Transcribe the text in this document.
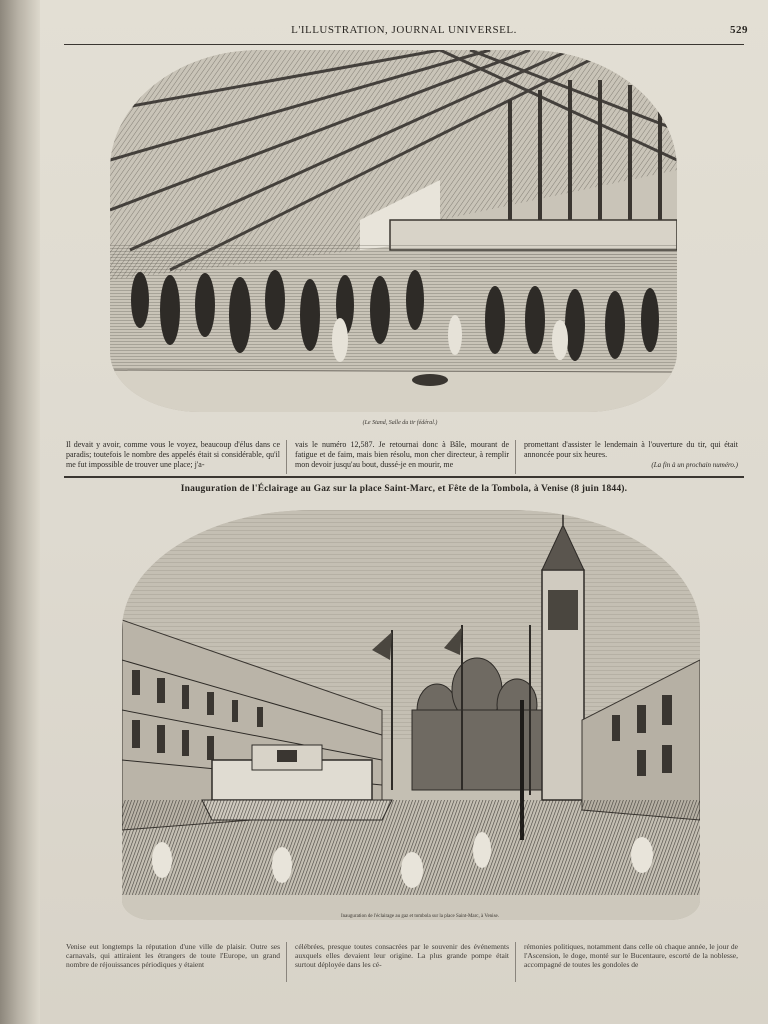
L'ILLUSTRATION, JOURNAL UNIVERSEL.	529
(Le Stand, Salle du tir fédéral.)
Il devait y avoir, comme vous le voyez, beaucoup d'élus dans ce paradis; toutefois le nombre des appelés était si considérable, qu'il me fut impossible de trouver une place; j'a-
vais le numéro 12,587. Je retournai donc à Bâle, mourant de fatigue et de faim, mais bien résolu, mon cher directeur, à remplir mon devoir jusqu'au bout, dussé-je en mourir, me
promettant d'assister le lendemain à l'ouverture du tir, qui était annoncée pour six heures.
(La fin à un prochain numéro.)
Inauguration de l'Éclairage au Gaz sur la place Saint-Marc, et Fête de la Tombola, à Venise (8 juin 1844).
Inauguration de l'éclairage au gaz et tombola sur la place Saint-Marc, à Venise.
Venise eut longtemps la réputation d'une ville de plaisir. Outre ses carnavals, qui attiraient les étrangers de toute l'Europe, un grand nombre de réjouissances périodiques y étaient
célébrées, presque toutes consacrées par le souvenir des événements auxquels elles devaient leur origine. La plus grande pompe était surtout déployée dans les cé-
rémonies politiques, notamment dans celle où chaque année, le jour de l'Ascension, le doge, monté sur le Bucentaure, escorté de la noblesse, accompagné de toutes les gondoles de
